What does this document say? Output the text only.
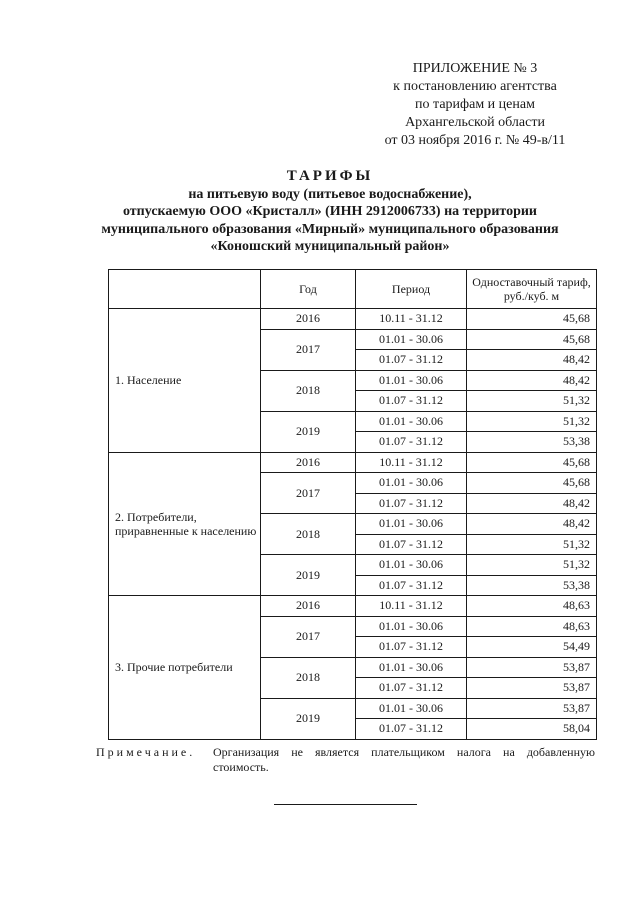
ПРИЛОЖЕНИЕ № 3
к постановлению агентства
по тарифам и ценам
Архангельской области
от 03 ноября 2016 г. № 49-в/11
ТАРИФЫ
на питьевую воду (питьевое водоснабжение),
отпускаемую ООО «Кристалл» (ИНН 2912006733) на территории
муниципального образования «Мирный» муниципального образования
«Коношский муниципальный район»
	Год	Период	Одноставочный тариф, руб./куб. м
1. Население	2016	10.11 - 31.12	45,68
	2017	01.01 - 30.06	45,68
		01.07 - 31.12	48,42
	2018	01.01 - 30.06	48,42
		01.07 - 31.12	51,32
	2019	01.01 - 30.06	51,32
		01.07 - 31.12	53,38
2. Потребители, приравненные к населению	2016	10.11 - 31.12	45,68
	2017	01.01 - 30.06	45,68
		01.07 - 31.12	48,42
	2018	01.01 - 30.06	48,42
		01.07 - 31.12	51,32
	2019	01.01 - 30.06	51,32
		01.07 - 31.12	53,38
3. Прочие потребители	2016	10.11 - 31.12	48,63
	2017	01.01 - 30.06	48,63
		01.07 - 31.12	54,49
	2018	01.01 - 30.06	53,87
		01.07 - 31.12	53,87
	2019	01.01 - 30.06	53,87
		01.07 - 31.12	58,04
Примечание. Организация не является плательщиком налога на добавленную стоимость.
